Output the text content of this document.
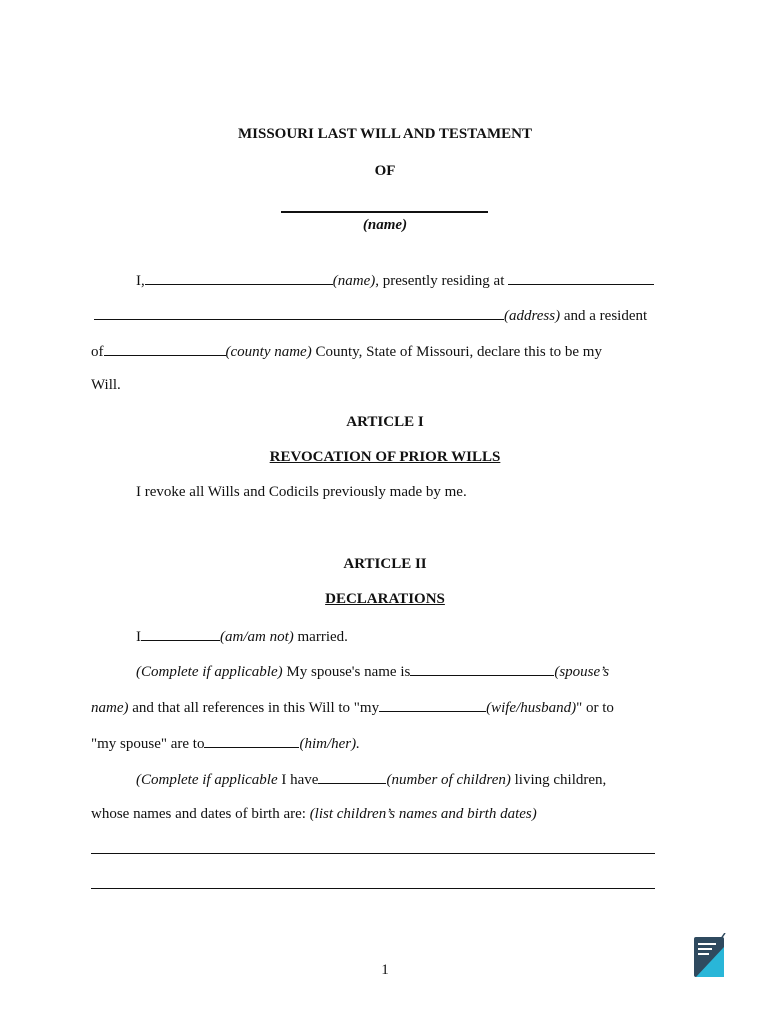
MISSOURI LAST WILL AND TESTAMENT
OF
(name)
I,	(name), presently residing at
(address) and a resident
of	(county name) County, State of Missouri, declare this to be my
Will.
ARTICLE I
REVOCATION OF PRIOR WILLS
I revoke all Wills and Codicils previously made by me.
ARTICLE II
DECLARATIONS
I	(am/am not) married.
(Complete if applicable) My spouse's name is	(spouse’s
name) and that all references in this Will to "my	(wife/husband)" or to
"my spouse" are to	(him/her).
(Complete if applicable I have	(number of children) living children,
whose names and dates of birth are: (list children’s names and birth dates)
1
